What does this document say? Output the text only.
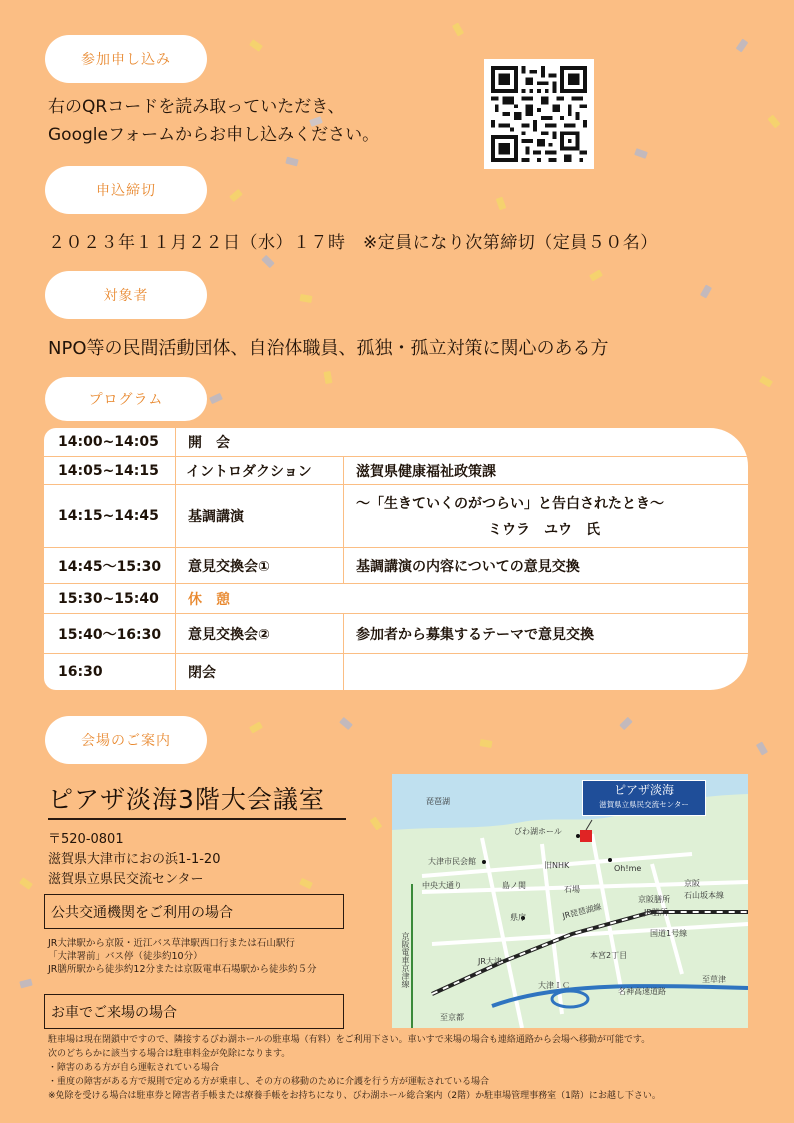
参加申し込み
右のQRコードを読み取っていただき、
Googleフォームからお申し込みください。
申込締切
２０２３年１１月２２日（水）１７時　※定員になり次第締切（定員５０名）
対象者
NPO等の民間活動団体、自治体職員、孤独・孤立対策に関心のある方
プログラム
14:00~14:05	開　会
14:05~14:15	イントロダクション	滋賀県健康福祉政策課
14:15~14:45	基調講演
～「生きていくのがつらい」と告白されたとき～
ミウラ　ユウ　氏
14:45～15:30	意見交換会①	基調講演の内容についての意見交換
15:30~15:40	休　憩
15:40～16:30	意見交換会②	参加者から募集するテーマで意見交換
16:30	閉会
会場のご案内
ピアザ淡海3階大会議室
〒520-0801
滋賀県大津市におの浜1-1-20
滋賀県立県民交流センター
公共交通機関をご利用の場合
JR大津駅から京阪・近江バス草津駅西口行または石山駅行
「大津署前」バス停（徒歩約10分）
JR膳所駅から徒歩約12分または京阪電車石場駅から徒歩約５分
お車でご来場の場合
ピアザ淡海
滋賀県立県民交流センター
琵琶湖
びわ湖ホール
大津市民会館	旧NHK	Oh!me
中央大通り	島ノ関	石場
京阪
石山坂本線
京阪膳所
JR膳所
県庁	JR琵琶湖線
JR大津
国道1号線
本宮2丁目
京阪電車京津線	大津ＩＣ
名神高速道路
至京都
至草津
駐車場は現在閉鎖中ですので、隣接するびわ湖ホールの駐車場（有料）をご利用下さい。車いすで来場の場合も連絡通路から会場へ移動が可能です。
次のどちらかに該当する場合は駐車料金が免除になります。
・障害のある方が自ら運転されている場合
・重度の障害がある方で規則で定める方が乗車し、その方の移動のために介護を行う方が運転されている場合
※免除を受ける場合は駐車券と障害者手帳または療養手帳をお持ちになり、びわ湖ホール総合案内（2階）か駐車場管理事務室（1階）にお越し下さい。
